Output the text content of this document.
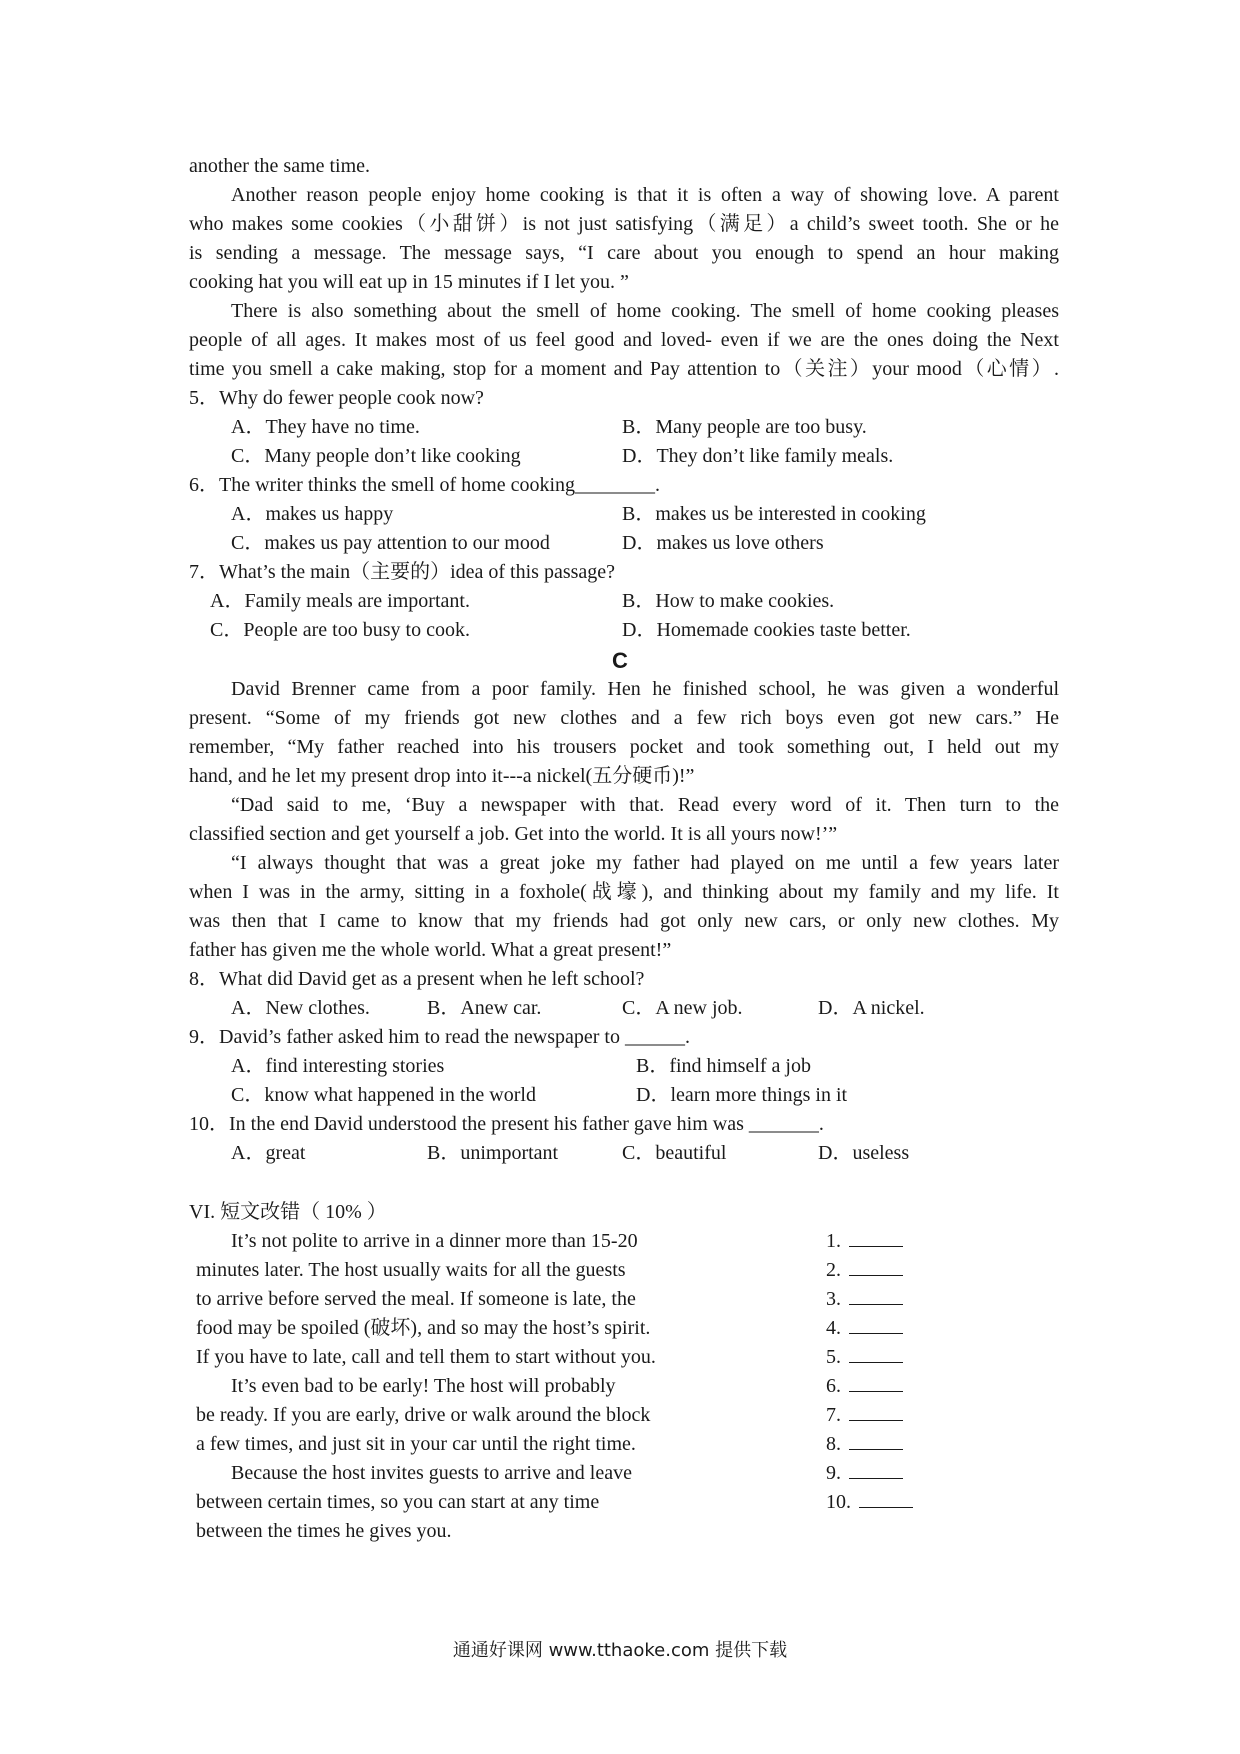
another the same time.
Another reason people enjoy home cooking is that it is often a way of showing love. A parent
who makes some cookies（小甜饼）is not just satisfying（满足）a child’s sweet tooth. She or he
is sending a message. The message says, “I care about you enough to spend an hour making
cooking hat you will eat up in 15 minutes if I let you. ”
There is also something about the smell of home cooking. The smell of home cooking pleases
people of all ages. It makes most of us feel good and loved- even if we are the ones doing the Next
time you smell a cake making, stop for a moment and Pay attention to（关注）your mood（心情）.
5．Why do fewer people cook now?
A．They have no time.	B．Many people are too busy.
C．Many people don’t like cooking	D．They don’t like family meals.
6．The writer thinks the smell of home cooking________.
A．makes us happy	B．makes us be interested in cooking
C．makes us pay attention to our mood	D．makes us love others
7．What’s the main（主要的）idea of this passage?
A．Family meals are important.	B．How to make cookies.
C．People are too busy to cook.	D．Homemade cookies taste better.
C
David Brenner came from a poor family. Hen he finished school, he was given a wonderful
present. “Some of my friends got new clothes and a few rich boys even got new cars.” He
remember, “My father reached into his trousers pocket and took something out, I held out my
hand, and he let my present drop into it---a nickel(五分硬币)!”
“Dad said to me, ‘Buy a newspaper with that. Read every word of it. Then turn to the
classified section and get yourself a job. Get into the world. It is all yours now!’”
“I always thought that was a great joke my father had played on me until a few years later
when I was in the army, sitting in a foxhole(战壕), and thinking about my family and my life. It
was then that I came to know that my friends had got only new cars, or only new clothes. My
father has given me the whole world. What a great present!”
8．What did David get as a present when he left school?
A．New clothes.	B．Anew car.	C．A new job.	D．A nickel.
9．David’s father asked him to read the newspaper to ______.
A．find interesting stories	B．find himself a job
C．know what happened in the world	D．learn more things in it
10．In the end David understood the present his father gave him was _______.
A．great	B．unimportant	C．beautiful	D．useless
VI. 短文改错（ 10% ）
It’s not polite to arrive in a dinner more than 15-20
minutes later. The host usually waits for all the guests
to arrive before served the meal. If someone is late, the
food may be spoiled (破坏), and so may the host’s spirit.
If you have to late, call and tell them to start without you.
It’s even bad to be early! The host will probably
be ready. If you are early, drive or walk around the block
a few times, and just sit in your car until the right time.
Because the host invites guests to arrive and leave
between certain times, so you can start at any time
between the times he gives you.
1.
2.
3.
4.
5.
6.
7.
8.
9.
10.
通通好课网 www.tthaoke.com 提供下载
